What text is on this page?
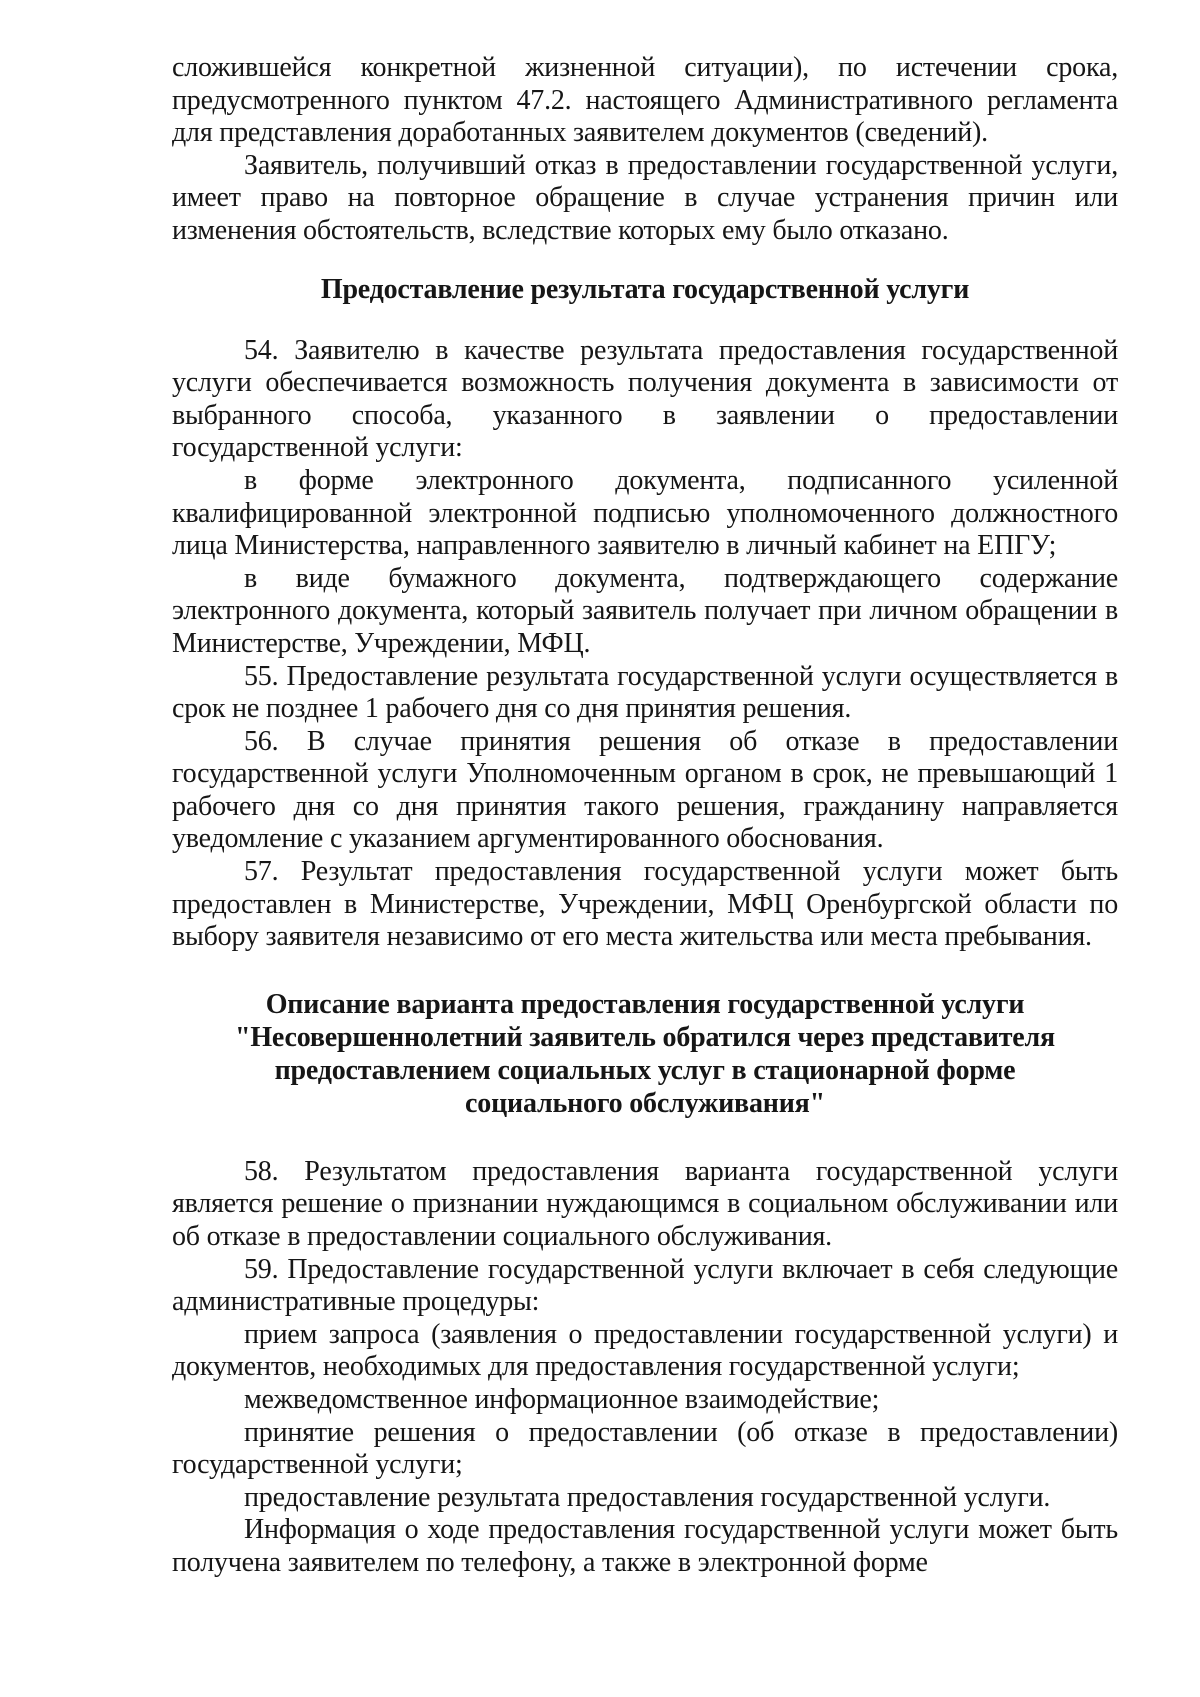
сложившейся конкретной жизненной ситуации), по истечении срока, предусмотренного пунктом 47.2. настоящего Административного регламента для представления доработанных заявителем документов (сведений).

Заявитель, получивший отказ в предоставлении государственной услуги, имеет право на повторное обращение в случае устранения причин или изменения обстоятельств, вследствие которых ему было отказано.

Предоставление результата государственной услуги

54. Заявителю в качестве результата предоставления государственной услуги обеспечивается возможность получения документа в зависимости от выбранного способа, указанного в заявлении о предоставлении государственной услуги:

в форме электронного документа, подписанного усиленной квалифицированной электронной подписью уполномоченного должностного лица Министерства, направленного заявителю в личный кабинет на ЕПГУ;

в виде бумажного документа, подтверждающего содержание электронного документа, который заявитель получает при личном обращении в Министерстве, Учреждении, МФЦ.

55. Предоставление результата государственной услуги осуществляется в срок не позднее 1 рабочего дня со дня принятия решения.

56. В случае принятия решения об отказе в предоставлении государственной услуги Уполномоченным органом в срок, не превышающий 1 рабочего дня со дня принятия такого решения, гражданину направляется уведомление с указанием аргументированного обоснования.

57. Результат предоставления государственной услуги может быть предоставлен в Министерстве, Учреждении, МФЦ Оренбургской области по выбору заявителя независимо от его места жительства или места пребывания.

Описание варианта предоставления государственной услуги

"Несовершеннолетний заявитель обратился через представителя

предоставлением социальных услуг в стационарной форме

социального обслуживания"

58. Результатом предоставления варианта государственной услуги является решение о признании нуждающимся в социальном обслуживании или об отказе в предоставлении социального обслуживания.

59. Предоставление государственной услуги включает в себя следующие административные процедуры:

прием запроса (заявления о предоставлении государственной услуги) и документов, необходимых для предоставления государственной услуги;

межведомственное информационное взаимодействие;

принятие решения о предоставлении (об отказе в предоставлении) государственной услуги;

предоставление результата предоставления государственной услуги.

Информация о ходе предоставления государственной услуги может быть получена заявителем по телефону, а также в электронной форме
